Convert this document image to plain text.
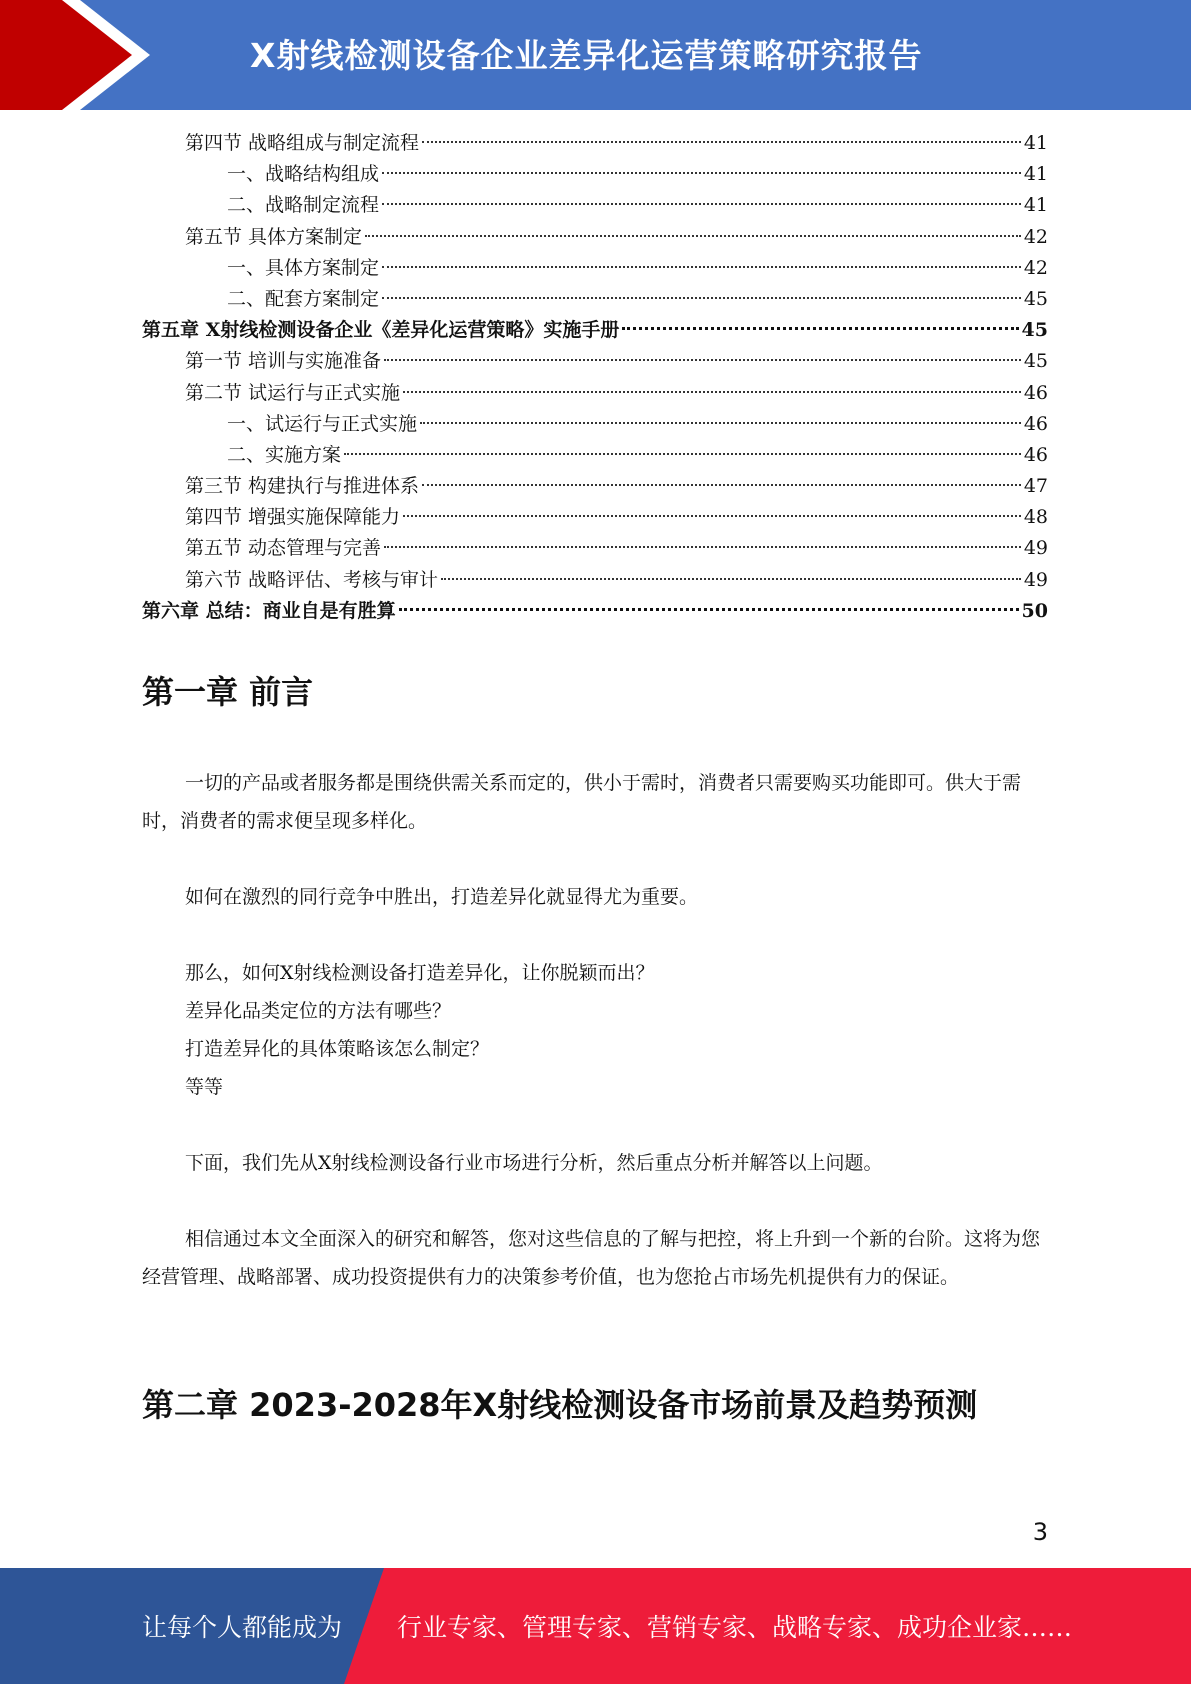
X射线检测设备企业差异化运营策略研究报告
第四节 战略组成与制定流程	41
一、战略结构组成	41
二、战略制定流程	41
第五节 具体方案制定	42
一、具体方案制定	42
二、配套方案制定	45
第五章 X射线检测设备企业《差异化运营策略》实施手册	45
第一节 培训与实施准备	45
第二节 试运行与正式实施	46
一、试运行与正式实施	46
二、实施方案	46
第三节 构建执行与推进体系	47
第四节 增强实施保障能力	48
第五节 动态管理与完善	49
第六节 战略评估、考核与审计	49
第六章 总结：商业自是有胜算	50
第一章 前言

一切的产品或者服务都是围绕供需关系而定的，供小于需时，消费者只需要购买功能即可。供大于需时，消费者的需求便呈现多样化。

如何在激烈的同行竞争中胜出，打造差异化就显得尤为重要。

那么，如何X射线检测设备打造差异化，让你脱颖而出？
差异化品类定位的方法有哪些？
打造差异化的具体策略该怎么制定？
等等

下面，我们先从X射线检测设备行业市场进行分析，然后重点分析并解答以上问题。

相信通过本文全面深入的研究和解答，您对这些信息的了解与把控，将上升到一个新的台阶。这将为您经营管理、战略部署、成功投资提供有力的决策参考价值，也为您抢占市场先机提供有力的保证。

第二章 2023-2028年X射线检测设备市场前景及趋势预测
3
让每个人都能成为 行业专家、管理专家、营销专家、战略专家、成功企业家……
